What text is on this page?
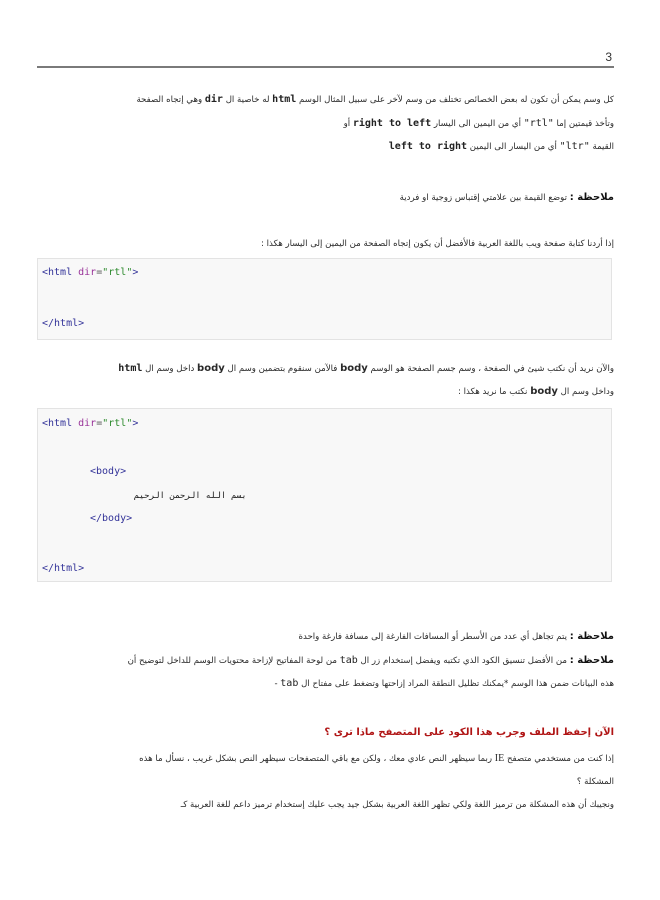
3
كل وسم يمكن أن تكون له بعض الخصائص تختلف من وسم لآخر على سبيل المثال الوسم html له خاصية ال dir وهي إتجاه الصفحة
وتأخذ قيمتين إما "rtl" أي من اليمين الى اليسار right to left أو
القيمة "ltr" أي من اليسار الى اليمين left to right
ملاحظة : توضع القيمة بين علامتي إقتباس زوجية او فردية
إذا أردنا كتابة صفحة ويب باللغة العربية فالأفضل أن يكون إتجاه الصفحة من اليمين إلى اليسار هكذا :
<html dir="rtl">
</html>
والآن نريد أن نكتب شيئ في الصفحة ، وسم جسم الصفحة هو الوسم body فالآمن سنقوم بتضمين وسم ال body داخل وسم ال html
وداخل وسم ال body نكتب ما نريد هكذا :
<html dir="rtl">
<body>
بسم الله الرحمن الرحيم
</body>
</html>
ملاحظة : يتم تجاهل أي عدد من الأسطر أو المسافات الفارغة إلى مسافة فارغة واحدة
ملاحظة : من الأفضل تنسيق الكود الذي تكتبه ويفضل إستخدام زر ال tab من لوحة المفاتيح لإزاحة محتويات الوسم للداخل لتوضيح أن
هذه البيانات ضمن هذا الوسم *يمكنك تظليل النطقة المراد إزاحتها وتضغط على مفتاح ال tab -
الآن إحفظ الملف وجرب هذا الكود على المتصفح ماذا ترى ؟
إذا كنت من مستخدمي متصفح IE ربما سيظهر النص عادي معك ، ولكن مع باقي المتصفحات سيظهر النص بشكل غريب ، نسأل ما هذه
المشكلة ؟
ونجيبك أن هذه المشكلة من ترميز اللغة ولكي تظهر اللغة العربية بشكل جيد يجب عليك إستخدام ترميز داعم للغة العربية كـ
